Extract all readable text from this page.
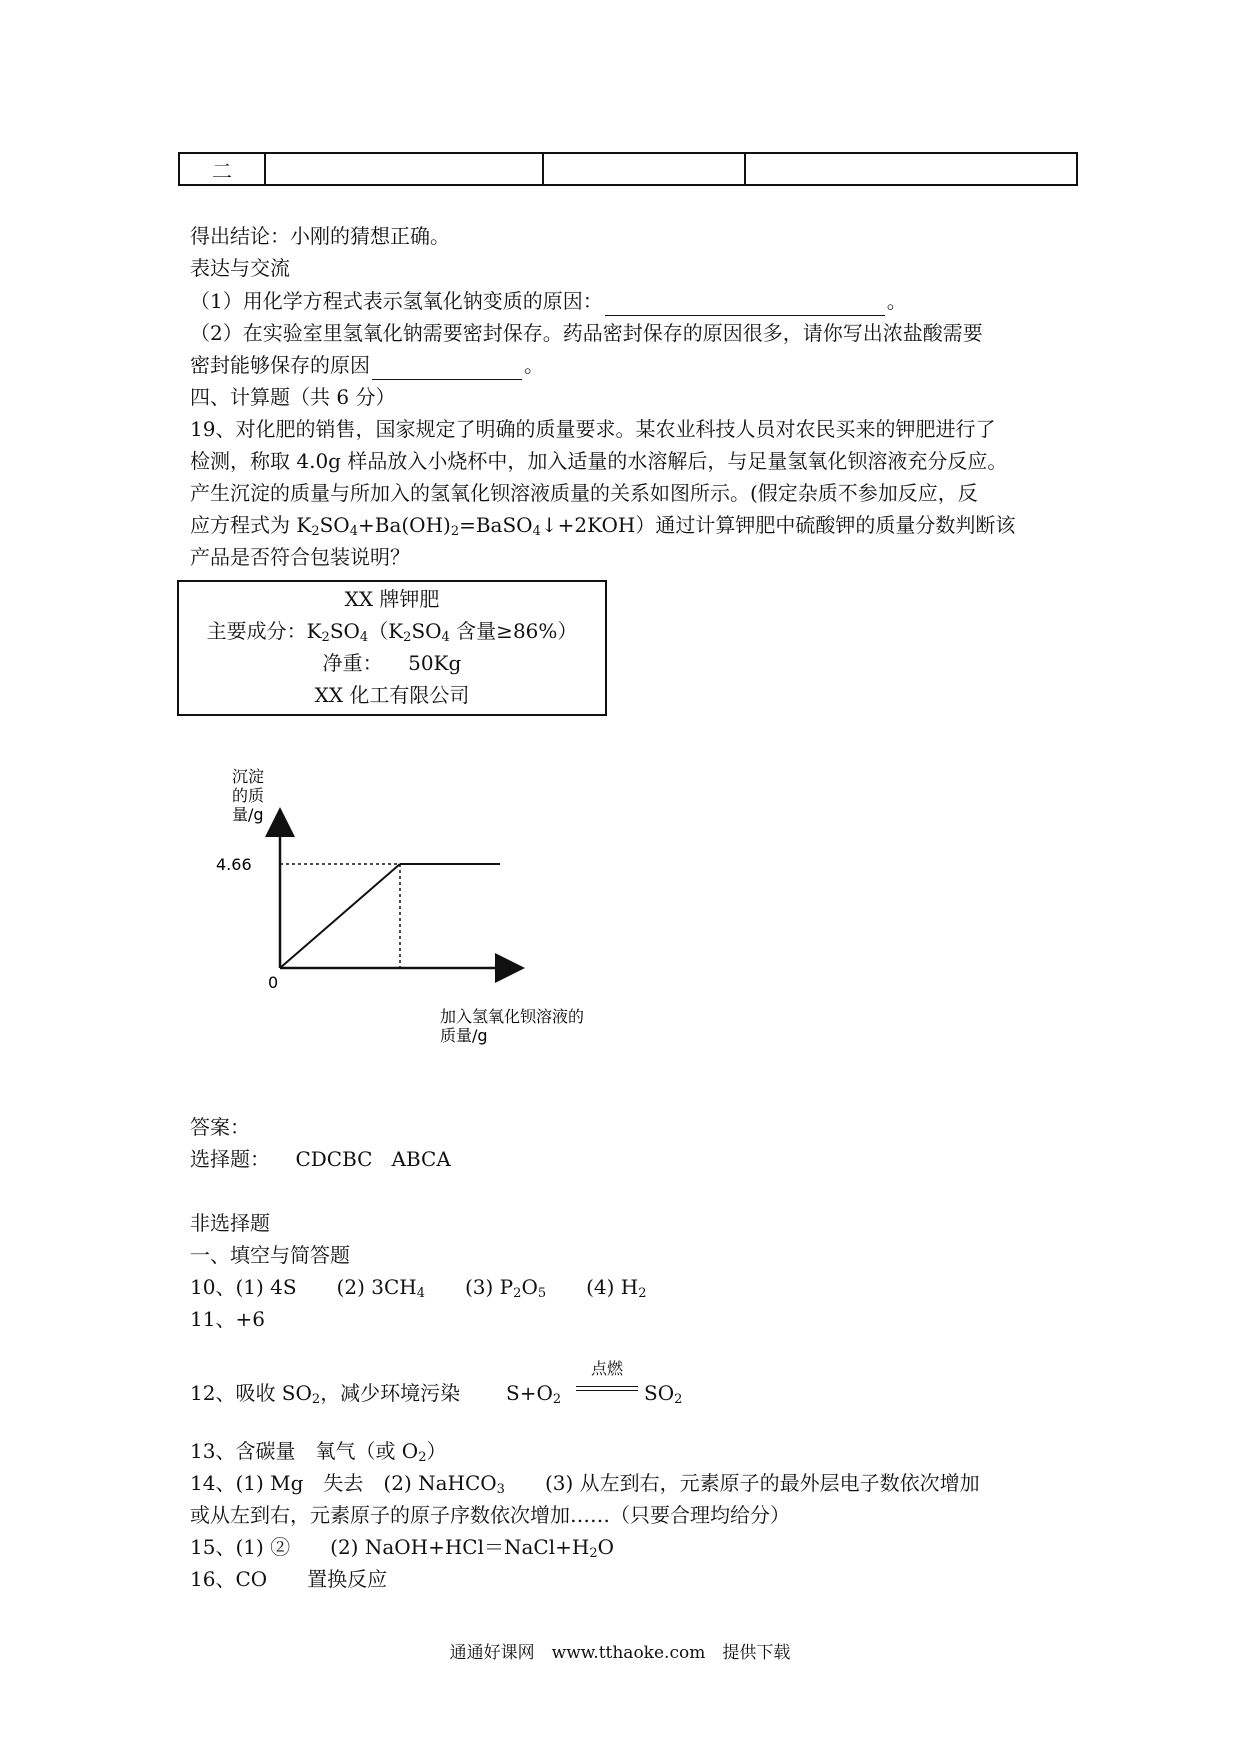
二			
得出结论：小刚的猜想正确。
表达与交流
（1）用化学方程式表示氢氧化钠变质的原因：	。
（2）在实验室里氢氧化钠需要密封保存。药品密封保存的原因很多，请你写出浓盐酸需要
密封能够保存的原因	。
四、计算题（共 6 分）
19、对化肥的销售，国家规定了明确的质量要求。某农业科技人员对农民买来的钾肥进行了
检测，称取 4.0g 样品放入小烧杯中，加入适量的水溶解后，与足量氢氧化钡溶液充分反应。
产生沉淀的质量与所加入的氢氧化钡溶液质量的关系如图所示。(假定杂质不参加反应，反
应方程式为 $K_2SO_4+Ba(OH)_2=BaSO_4↓+2KOH$）通过计算钾肥中硫酸钾的质量分数判断该
产品是否符合包装说明？
XX 牌钾肥
主要成分：$K_2SO_4(K_2SO_4$ 含量≥86%）
净重： 50Kg
XX 化工有限公司
沉淀
的质
量/g
4.66
0
加入氢氧化钡溶液的
质量/g
答案：
选择题： CDCBC ABCA
非选择题
一、填空与简答题
10、(1) 4S　　(2) $3CH_4$　　(3) $P_2O_5$　　(4) $H_2$
11、+6
12、吸收 $SO_2$，减少环境污染 $S+O_2$
点燃
$SO_2$
13、含碳量　氧气（或 $O_2$）
14、(1) Mg　失去　(2) NaHCO$_3$　　(3) 从左到右，元素原子的最外层电子数依次增加
或从左到右，元素原子的原子序数依次增加……（只要合理均给分）
15、(1) ②　　(2) $NaOH+HCl=NaCl+H_2O$
16、CO　　置换反应
通通好课网　www.tthaoke.com　提供下载
